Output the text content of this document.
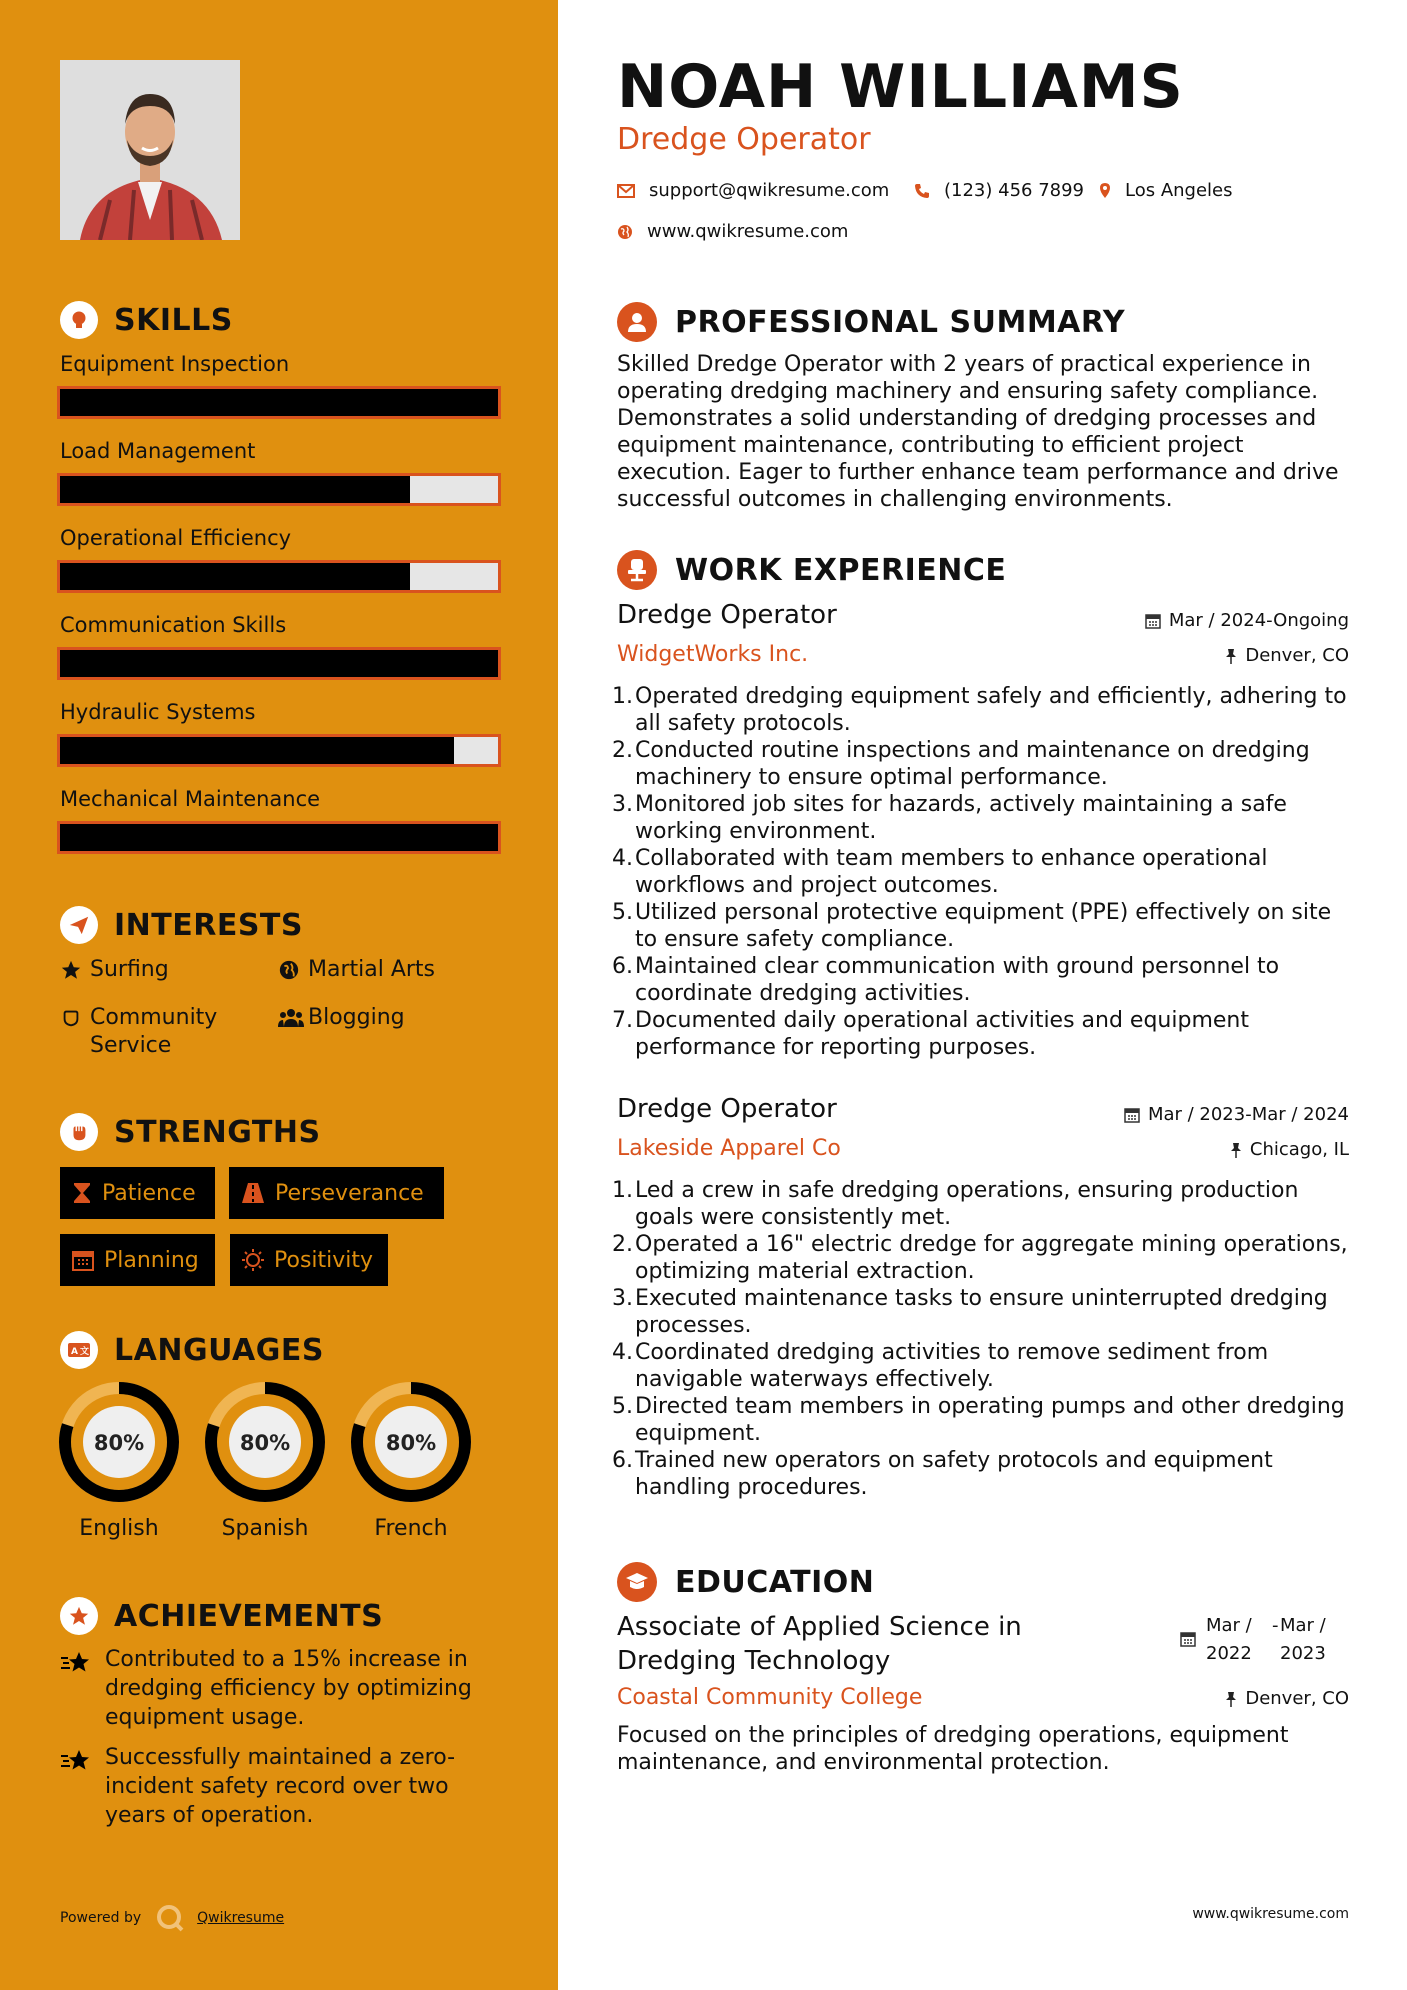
SKILLS
Equipment Inspection
Load Management
Operational Efficiency
Communication Skills
Hydraulic Systems
Mechanical Maintenance
INTERESTS
Surfing	Martial Arts
Community Service
Blogging
STRENGTHS
Patience	Perseverance
Planning	Positivity
A 文 LANGUAGES
80%	80%	80%
English	Spanish	French
ACHIEVEMENTS
Contributed to a 15% increase in dredging efficiency by optimizing equipment usage.
Successfully maintained a zero-incident safety record over two years of operation.
Powered by	Qwikresume
NOAH WILLIAMS
Dredge Operator
support@qwikresume.com	(123) 456 7899 Los Angeles
www.qwikresume.com
PROFESSIONAL SUMMARY
Skilled Dredge Operator with 2 years of practical experience in operating dredging machinery and ensuring safety compliance. Demonstrates a solid understanding of dredging processes and equipment maintenance, contributing to efficient project execution. Eager to further enhance team performance and drive successful outcomes in challenging environments.
WORK EXPERIENCE
Dredge Operator	Mar / 2024-Ongoing
WidgetWorks Inc.	Denver, CO
1. Operated dredging equipment safely and efficiently, adhering to all safety protocols.
2. Conducted routine inspections and maintenance on dredging machinery to ensure optimal performance.
3. Monitored job sites for hazards, actively maintaining a safe working environment.
4. Collaborated with team members to enhance operational workflows and project outcomes.
5. Utilized personal protective equipment (PPE) effectively on site to ensure safety compliance.
6. Maintained clear communication with ground personnel to coordinate dredging activities.
7. Documented daily operational activities and equipment performance for reporting purposes.
Dredge Operator	Mar / 2023-Mar / 2024
Lakeside Apparel Co	Chicago, IL
1. Led a crew in safe dredging operations, ensuring production goals were consistently met.
2. Operated a 16" electric dredge for aggregate mining operations, optimizing material extraction.
3. Executed maintenance tasks to ensure uninterrupted dredging processes.
4. Coordinated dredging activities to remove sediment from navigable waterways effectively.
5. Directed team members in operating pumps and other dredging equipment.
6. Trained new operators on safety protocols and equipment handling procedures.
EDUCATION
Associate of Applied Science in Dredging Technology
Mar / 2022
- Mar / 2023
Coastal Community College	Denver, CO
Focused on the principles of dredging operations, equipment maintenance, and environmental protection.
www.qwikresume.com
